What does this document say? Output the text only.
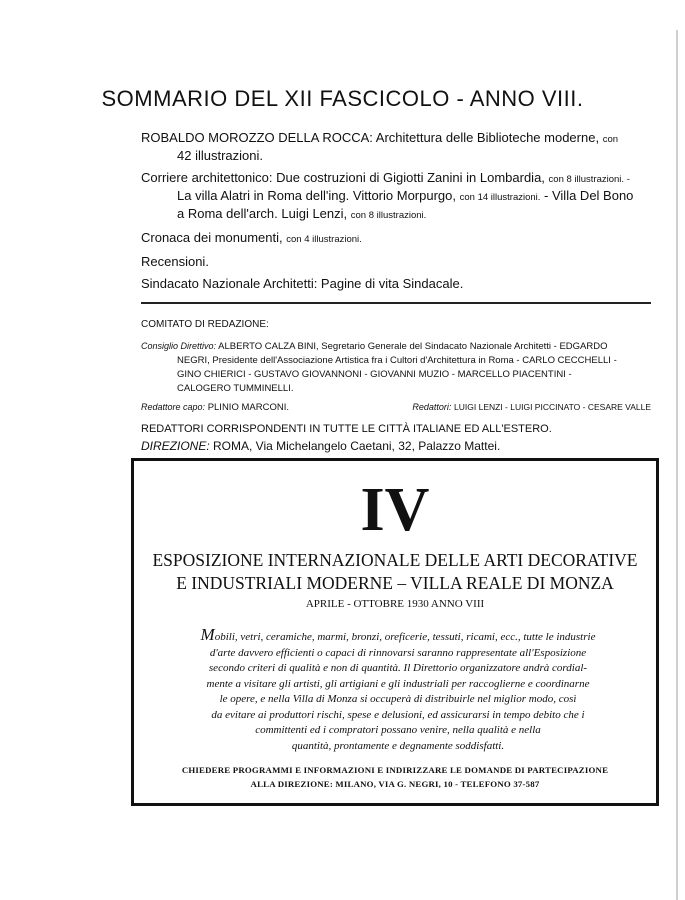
SOMMARIO DEL XII FASCICOLO - ANNO VIII.
ROBALDO MOROZZO DELLA ROCCA: Architettura delle Biblioteche moderne, con
42 illustrazioni.
Corriere architettonico: Due costruzioni di Gigiotti Zanini in Lombardia, con 8 illustrazioni. -
La villa Alatri in Roma dell'ing. Vittorio Morpurgo, con 14 illustrazioni. - Villa Del Bono
a Roma dell'arch. Luigi Lenzi, con 8 illustrazioni.
Cronaca dei monumenti, con 4 illustrazioni.
Recensioni.
Sindacato Nazionale Architetti: Pagine di vita Sindacale.
COMITATO DI REDAZIONE:
Consiglio Direttivo: ALBERTO CALZA BINI, Segretario Generale del Sindacato Nazionale Architetti - EDGARDO
NEGRI, Presidente dell'Associazione Artistica fra i Cultori d'Architettura in Roma - CARLO CECCHELLI -
GINO CHIERICI - GUSTAVO GIOVANNONI - GIOVANNI MUZIO - MARCELLO PIACENTINI -
CALOGERO TUMMINELLI.
Redattore capo: PLINIO MARCONI.	Redattori: LUIGI LENZI - LUIGI PICCINATO - CESARE VALLE
REDATTORI CORRISPONDENTI IN TUTTE LE CITTÀ ITALIANE ED ALL'ESTERO.
DIREZIONE: ROMA, Via Michelangelo Caetani, 32, Palazzo Mattei.
IV
ESPOSIZIONE INTERNAZIONALE DELLE ARTI DECORATIVE
E INDUSTRIALI MODERNE – VILLA REALE DI MONZA
APRILE - OTTOBRE 1930 ANNO VIII
Mobili, vetri, ceramiche, marmi, bronzi, oreficerie, tessuti, ricami, ecc., tutte le industrie
d'arte davvero efficienti o capaci di rinnovarsi saranno rappresentate all'Esposizione
secondo criteri di qualità e non di quantità. Il Direttorio organizzatore andrà cordial-
mente a visitare gli artisti, gli artigiani e gli industriali per raccoglierne e coordinarne
le opere, e nella Villa di Monza si occuperà di distribuirle nel miglior modo, così
da evitare ai produttori rischi, spese e delusioni, ed assicurarsi in tempo debito che i
committenti ed i compratori possano venire, nella qualità e nella
quantità, prontamente e degnamente soddisfatti.
CHIEDERE PROGRAMMI E INFORMAZIONI E INDIRIZZARE LE DOMANDE DI PARTECIPAZIONE
ALLA DIREZIONE: MILANO, VIA G. NEGRI, 10 - TELEFONO 37-587
